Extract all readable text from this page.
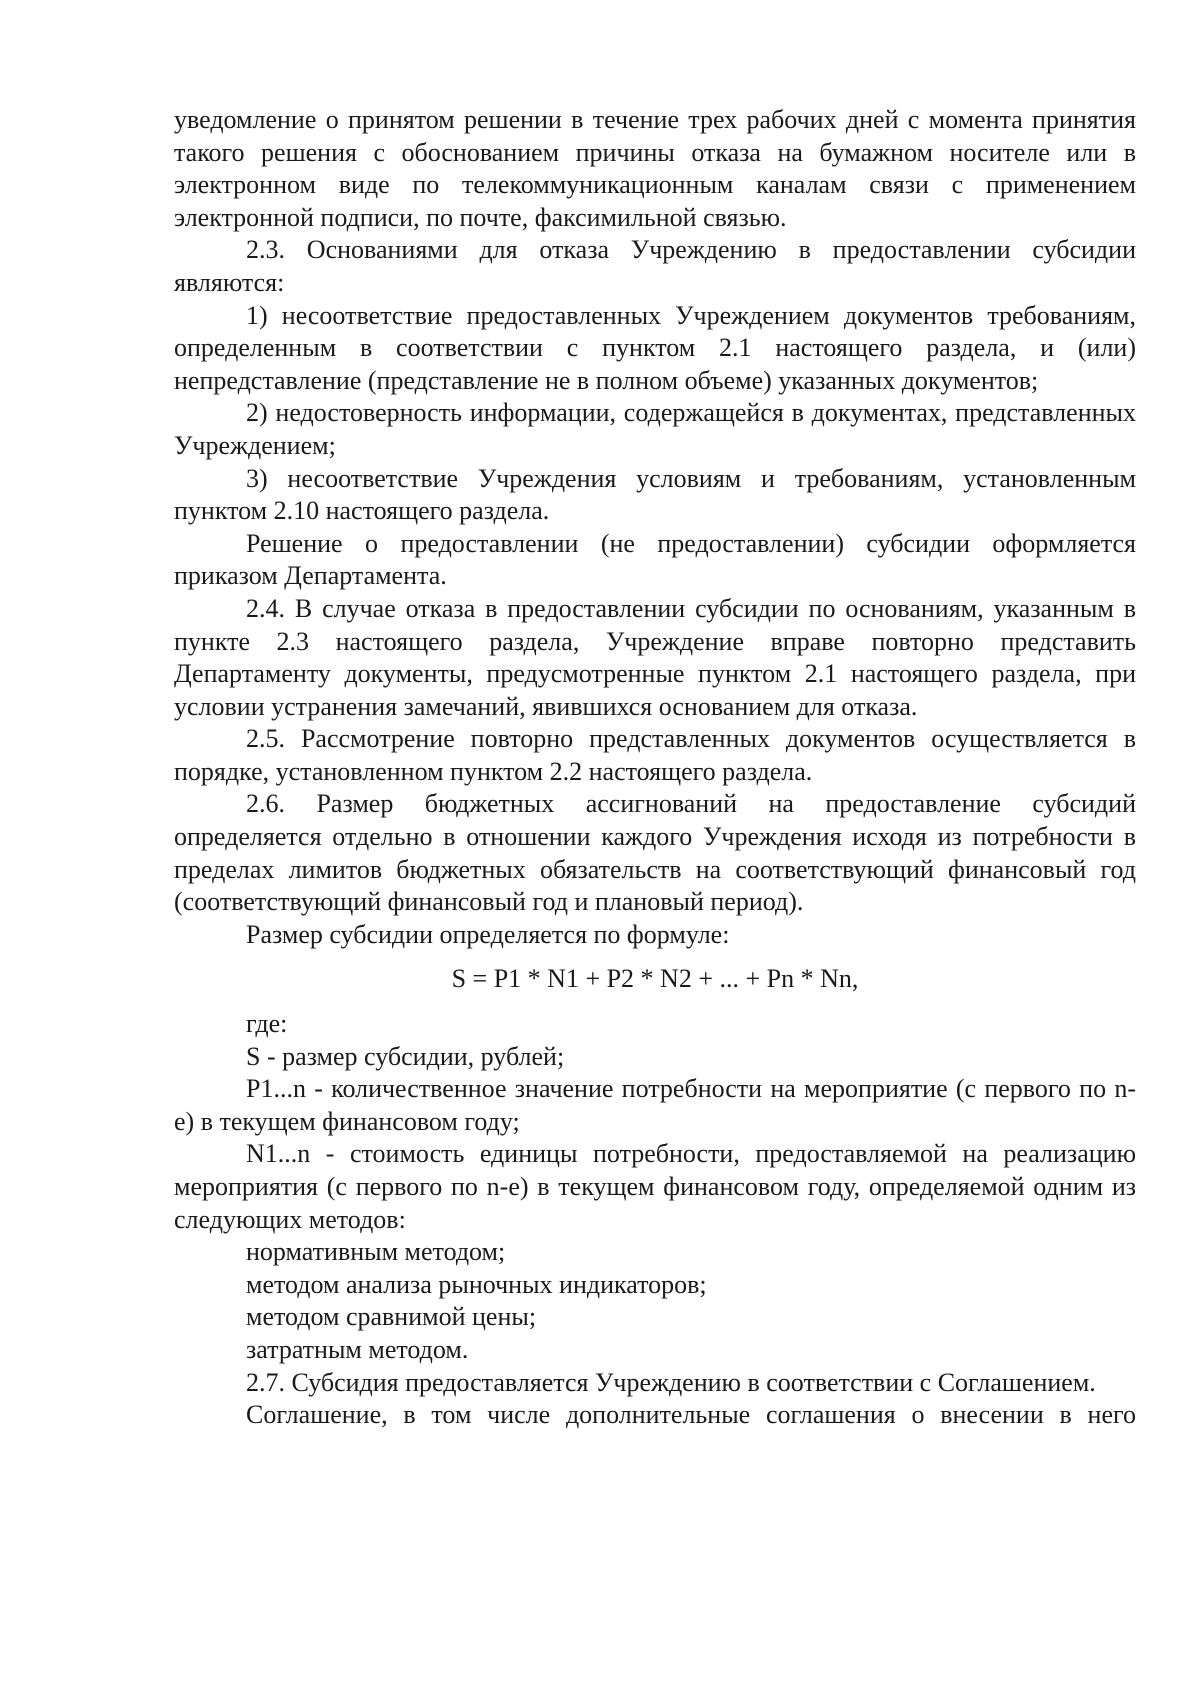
уведомление о принятом решении в течение трех рабочих дней с момента принятия такого решения с обоснованием причины отказа на бумажном носителе или в электронном виде по телекоммуникационным каналам связи с применением электронной подписи, по почте, факсимильной связью.

2.3. Основаниями для отказа Учреждению в предоставлении субсидии являются:

1) несоответствие предоставленных Учреждением документов требованиям, определенным в соответствии с пунктом 2.1 настоящего раздела, и (или) непредставление (представление не в полном объеме) указанных документов;

2) недостоверность информации, содержащейся в документах, представленных Учреждением;

3) несоответствие Учреждения условиям и требованиям, установленным пунктом 2.10 настоящего раздела.

Решение о предоставлении (не предоставлении) субсидии оформляется приказом Департамента.

2.4. В случае отказа в предоставлении субсидии по основаниям, указанным в пункте 2.3 настоящего раздела, Учреждение вправе повторно представить Департаменту документы, предусмотренные пунктом 2.1 настоящего раздела, при условии устранения замечаний, явившихся основанием для отказа.

2.5. Рассмотрение повторно представленных документов осуществляется в порядке, установленном пунктом 2.2 настоящего раздела.

2.6. Размер бюджетных ассигнований на предоставление субсидий определяется отдельно в отношении каждого Учреждения исходя из потребности в пределах лимитов бюджетных обязательств на соответствующий финансовый год (соответствующий финансовый год и плановый период).

Размер субсидии определяется по формуле:

S = P1 * N1 + P2 * N2 + ... + Pn * Nn,

где:

S - размер субсидии, рублей;

P1...n - количественное значение потребности на мероприятие (с первого по n-е) в текущем финансовом году;

N1...n - стоимость единицы потребности, предоставляемой на реализацию мероприятия (с первого по n-е) в текущем финансовом году, определяемой одним из следующих методов:

нормативным методом;

методом анализа рыночных индикаторов;

методом сравнимой цены;

затратным методом.

2.7. Субсидия предоставляется Учреждению в соответствии с Соглашением.

Соглашение, в том числе дополнительные соглашения о внесении в него
